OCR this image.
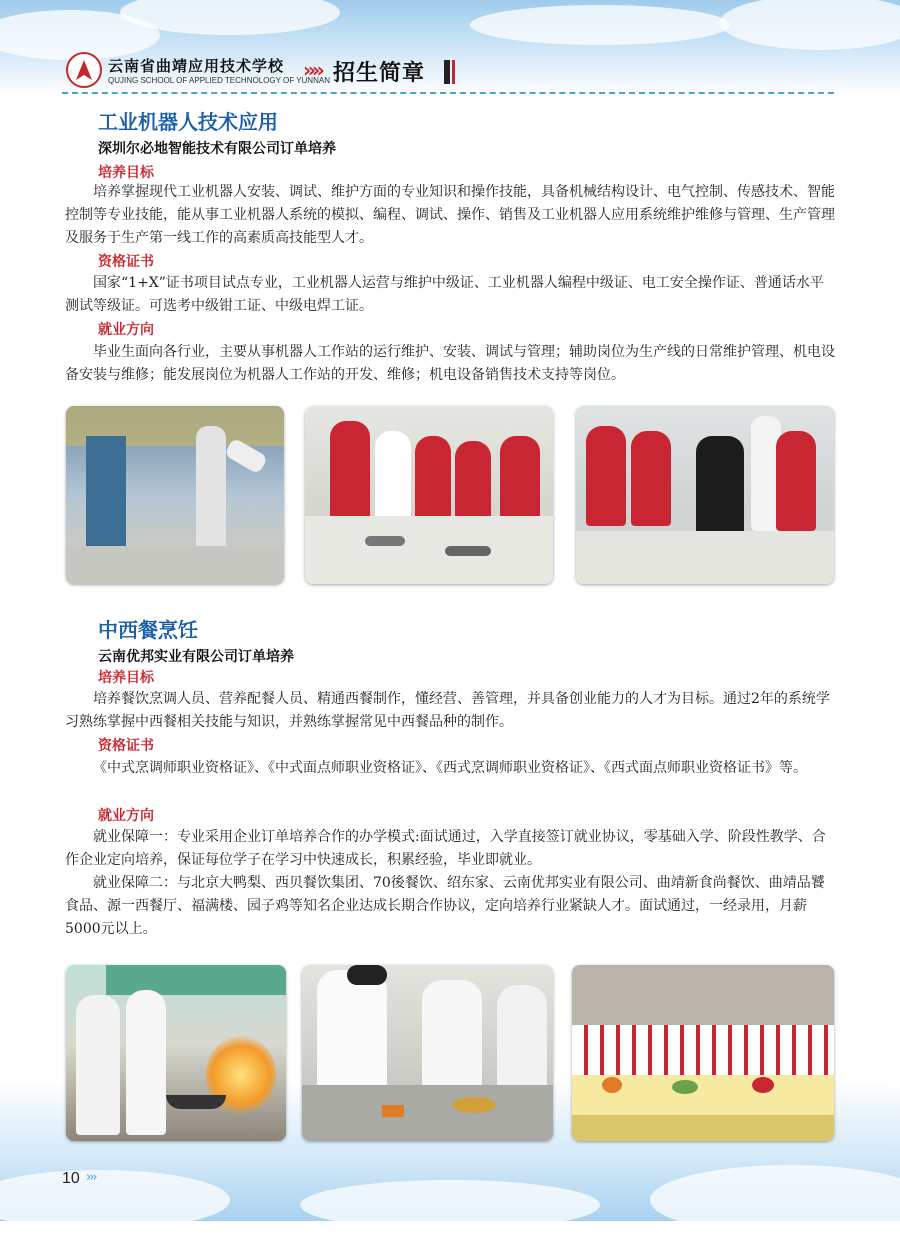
云南省曲靖应用技术学校
QUJING SCHOOL OF APPLIED TECHNOLOGY OF YUNNAN
»» 招生简章
工业机器人技术应用
深圳尔必地智能技术有限公司订单培养
培养目标

培养掌握现代工业机器人安装、调试、维护方面的专业知识和操作技能，具备机械结构设计、电气控制、传感技术、智能控制等专业技能，能从事工业机器人系统的模拟、编程、调试、操作、销售及工业机器人应用系统维护维修与管理、生产管理及服务于生产第一线工作的高素质高技能型人才。

资格证书

国家“1+X”证书项目试点专业，工业机器人运营与维护中级证、工业机器人编程中级证、电工安全操作证、普通话水平测试等级证。可选考中级钳工证、中级电焊工证。

就业方向

毕业生面向各行业，主要从事机器人工作站的运行维护、安装、调试与管理；辅助岗位为生产线的日常维护管理、机电设备安装与维修；能发展岗位为机器人工作站的开发、维修；机电设备销售技术支持等岗位。

中西餐烹饪
云南优邦实业有限公司订单培养
培养目标

培养餐饮烹调人员、营养配餐人员、精通西餐制作，懂经营、善管理，并具备创业能力的人才为目标。通过2年的系统学习熟练掌握中西餐相关技能与知识，并熟练掌握常见中西餐品种的制作。

资格证书

《中式烹调师职业资格证》、《中式面点师职业资格证》、《西式烹调师职业资格证》、《西式面点师职业资格证书》等。

就业方向

就业保障一：专业采用企业订单培养合作的办学模式:面试通过，入学直接签订就业协议，零基础入学、阶段性教学、合作企业定向培养，保证每位学子在学习中快速成长，积累经验，毕业即就业。

就业保障二：与北京大鸭梨、西贝餐饮集团、70後餐饮、绍东家、云南优邦实业有限公司、曲靖新食尚餐饮、曲靖品饕食品、源一西餐厅、福满楼、园子鸡等知名企业达成长期合作协议，定向培养行业紧缺人才。面试通过，一经录用，月薪5000元以上。

10 ›››
